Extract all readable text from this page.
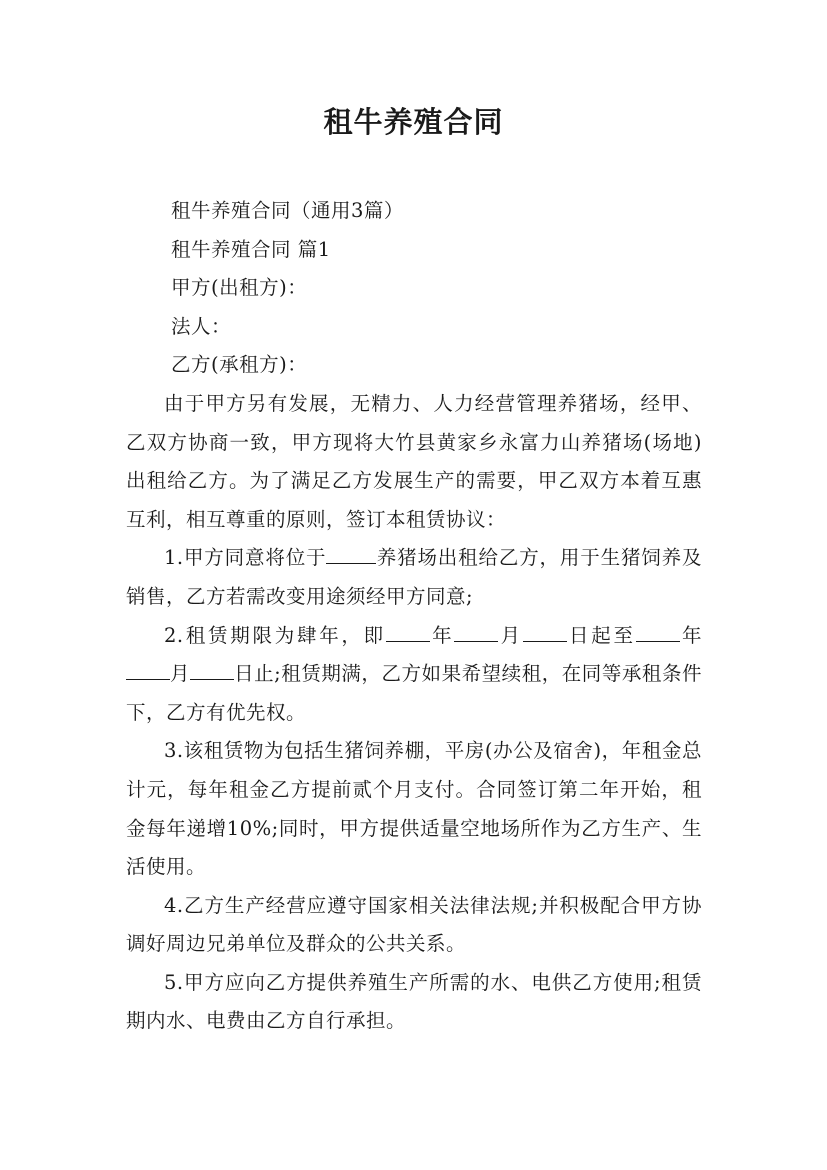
租牛养殖合同

租牛养殖合同（通用3篇）

租牛养殖合同 篇1

甲方(出租方)：

法人：

乙方(承租方)：

由于甲方另有发展，无精力、人力经营管理养猪场，经甲、乙双方协商一致，甲方现将大竹县黄家乡永富力山养猪场(场地)出租给乙方。为了满足乙方发展生产的需要，甲乙双方本着互惠互利，相互尊重的原则，签订本租赁协议：

1.甲方同意将位于	养猪场出租给乙方，用于生猪饲养及销售，乙方若需改变用途须经甲方同意;

2.租赁期限为肆年，即 年 月 日起至 年月 日止;租赁期满，乙方如果希望续租，在同等承租条件下，乙方有优先权。

3.该租赁物为包括生猪饲养棚，平房(办公及宿舍)，年租金总计元，每年租金乙方提前贰个月支付。合同签订第二年开始，租金每年递增10%;同时，甲方提供适量空地场所作为乙方生产、生活使用。

4.乙方生产经营应遵守国家相关法律法规;并积极配合甲方协调好周边兄弟单位及群众的公共关系。

5.甲方应向乙方提供养殖生产所需的水、电供乙方使用;租赁期内水、电费由乙方自行承担。
